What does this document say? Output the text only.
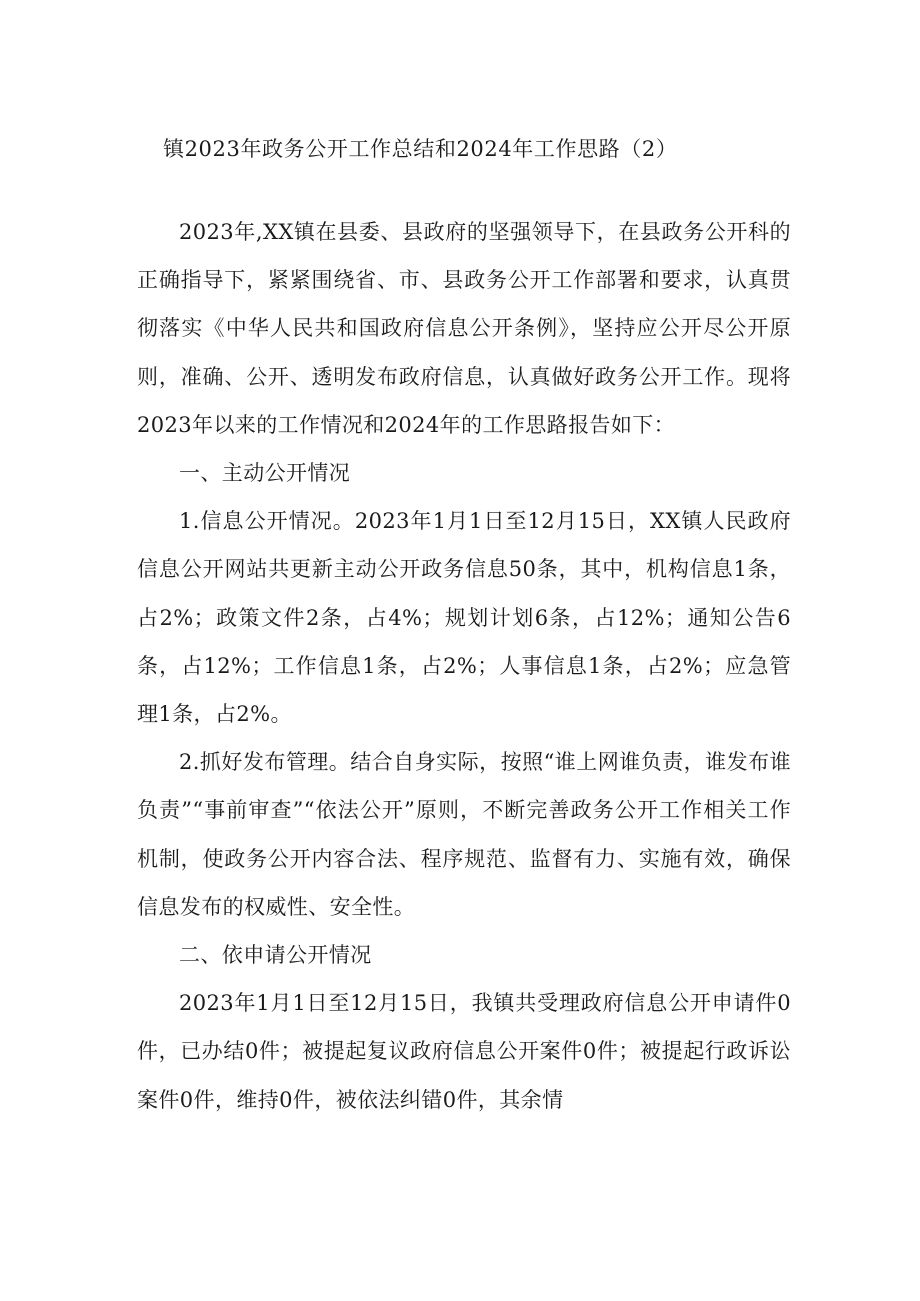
镇2023年政务公开工作总结和2024年工作思路（2）

2023年,XX镇在县委、县政府的坚强领导下，在县政务公开科的正确指导下，紧紧围绕省、市、县政务公开工作部署和要求，认真贯彻落实《中华人民共和国政府信息公开条例》，坚持应公开尽公开原则，准确、公开、透明发布政府信息，认真做好政务公开工作。现将2023年以来的工作情况和2024年的工作思路报告如下：

一、主动公开情况

1.信息公开情况。2023年1月1日至12月15日，XX镇人民政府信息公开网站共更新主动公开政务信息50条，其中，机构信息1条，占2%；政策文件2条，占4%；规划计划6条，占12%；通知公告6条，占12%；工作信息1条，占2%；人事信息1条，占2%；应急管理1条，占2%。

2.抓好发布管理。结合自身实际，按照“谁上网谁负责，谁发布谁负责”“事前审查”“依法公开”原则，不断完善政务公开工作相关工作机制，使政务公开内容合法、程序规范、监督有力、实施有效，确保信息发布的权威性、安全性。

二、依申请公开情况

2023年1月1日至12月15日，我镇共受理政府信息公开申请件0件，已办结0件；被提起复议政府信息公开案件0件；被提起行政诉讼案件0件，维持0件，被依法纠错0件，其余情
